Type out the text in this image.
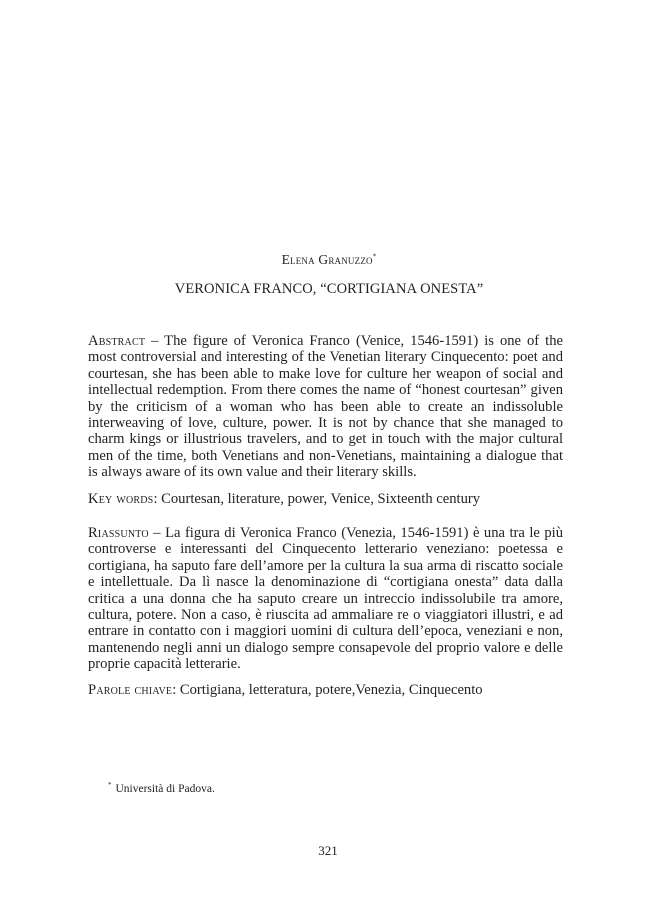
Elena Granuzzo*
VERONICA FRANCO, “CORTIGIANA ONESTA”
Abstract – The figure of Veronica Franco (Venice, 1546-1591) is one of the most controversial and interesting of the Venetian literary Cinquecento: poet and courtesan, she has been able to make love for culture her weapon of social and intellectual redemption. From there comes the name of “honest courtesan” given by the criticism of a woman who has been able to create an indissoluble interweaving of love, culture, power. It is not by chance that she managed to charm kings or illustrious travelers, and to get in touch with the major cultural men of the time, both Venetians and non-Venetians, maintaining a dialogue that is always aware of its own value and their literary skills.
Key words: Courtesan, literature, power, Venice, Sixteenth century
Riassunto – La figura di Veronica Franco (Venezia, 1546-1591) è una tra le più controverse e interessanti del Cinquecento letterario veneziano: poetessa e cortigiana, ha saputo fare dell’amore per la cultura la sua arma di riscatto sociale e intellettuale. Da lì nasce la denominazione di “cortigiana onesta” data dalla critica a una donna che ha saputo creare un intreccio indissolubile tra amore, cultura, potere. Non a caso, è riuscita ad ammaliare re o viaggiatori illustri, e ad entrare in contatto con i maggiori uomini di cultura dell’epoca, veneziani e non, mantenendo negli anni un dialogo sempre consapevole del proprio valore e delle proprie capacità letterarie.
Parole chiave: Cortigiana, letteratura, potere,Venezia, Cinquecento
* Università di Padova.
321
